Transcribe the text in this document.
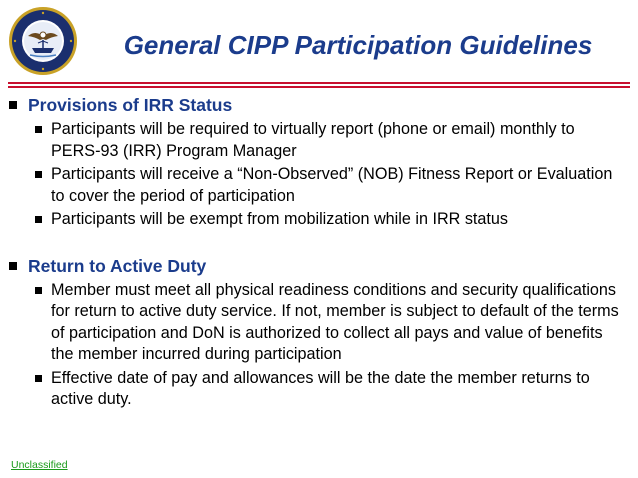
General CIPP Participation Guidelines
Provisions of IRR Status
Participants will be required to virtually report (phone or email) monthly to PERS-93 (IRR) Program Manager
Participants will receive a “Non-Observed” (NOB) Fitness Report or Evaluation to cover the period of participation
Participants will be exempt from mobilization while in IRR status
Return to Active Duty
Member must meet all physical readiness conditions and security qualifications for return to active duty service. If not, member is subject to default of the terms of participation and DoN is authorized to collect all pays and value of benefits the member incurred during participation
Effective date of pay and allowances will be the date the member returns to active duty.
Unclassified
